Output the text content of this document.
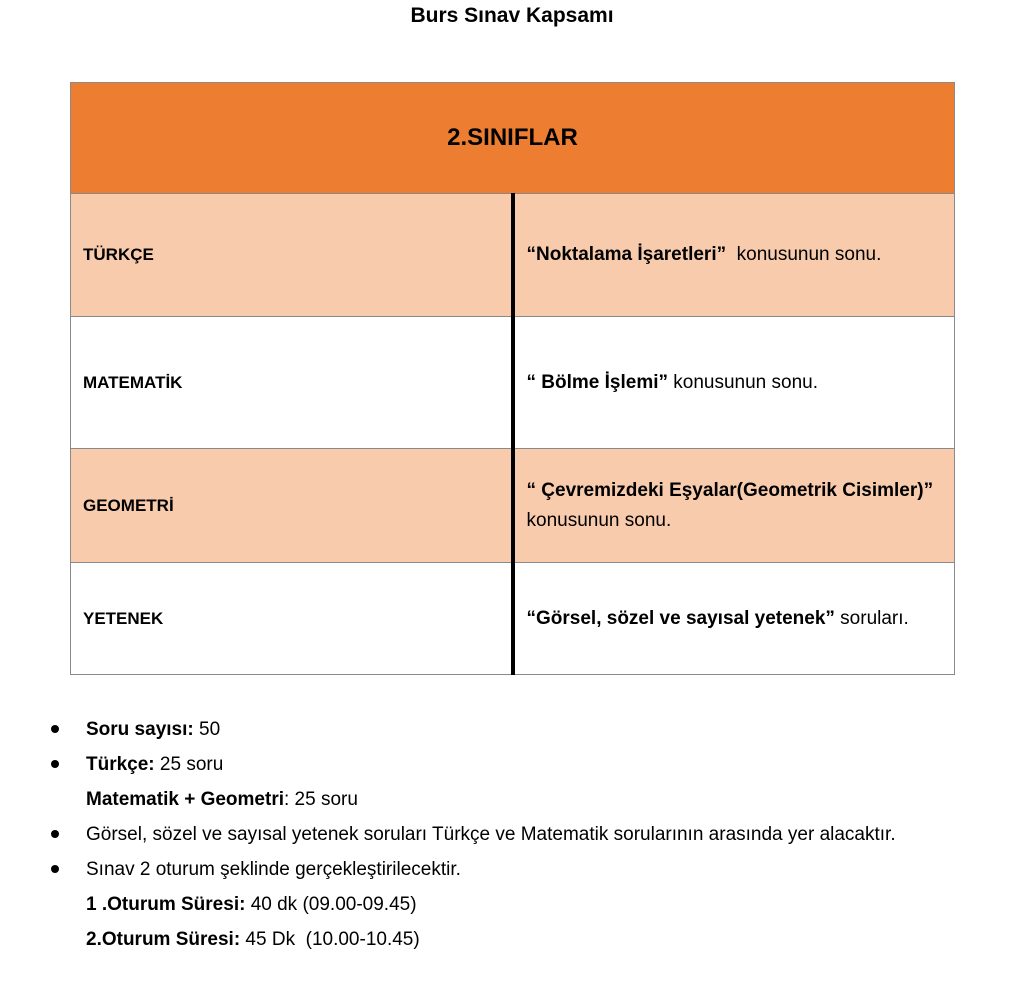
Burs Sınav Kapsamı
2.SINIFLAR	
TÜRKÇE	“Noktalama İşaretleri”  konusunun sonu.
MATEMATİK	“ Bölme İşlemi” konusunun sonu.
GEOMETRİ	“ Çevremizdeki Eşyalar(Geometrik Cisimler)” konusunun sonu.
YETENEK	“Görsel, sözel ve sayısal yetenek” soruları.
Soru sayısı: 50
Türkçe: 25 soru
Matematik + Geometri: 25 soru
Görsel, sözel ve sayısal yetenek soruları Türkçe ve Matematik sorularının arasında yer alacaktır.
Sınav 2 oturum şeklinde gerçekleştirilecektir.
1 .Oturum Süresi: 40 dk (09.00-09.45)
2.Oturum Süresi: 45 Dk  (10.00-10.45)
